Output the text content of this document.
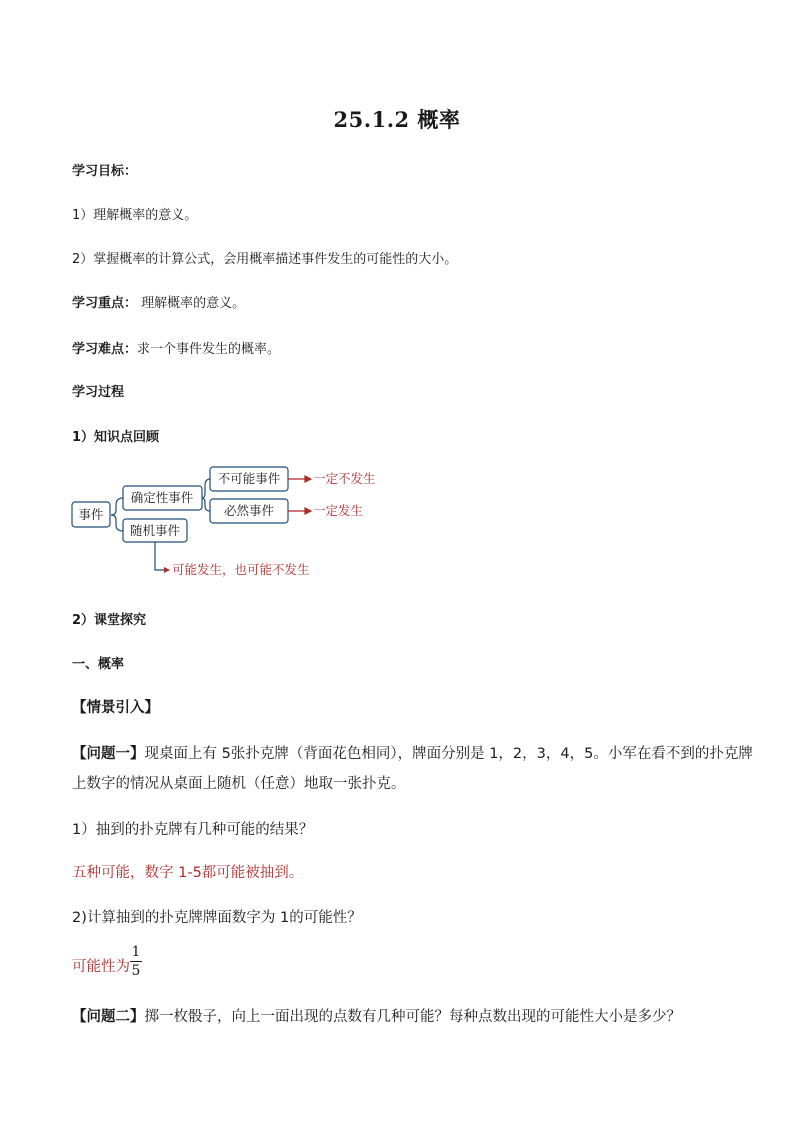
25.1.2 概率
学习目标：
1）理解概率的意义。
2）掌握概率的计算公式，会用概率描述事件发生的可能性的大小。
学习重点： 理解概率的意义。
学习难点：求一个事件发生的概率。
学习过程
1）知识点回顾
事件
确定性事件
随机事件
不可能事件
必然事件
一定不发生
一定发生
可能发生，也可能不发生
2）课堂探究
一、概率
【情景引入】
【问题一】现桌面上有 5张扑克牌（背面花色相同），牌面分别是 1，2，3，4，5。小军在看不到的扑克牌
上数字的情况从桌面上随机（任意）地取一张扑克。
1）抽到的扑克牌有几种可能的结果？
五种可能，数字 1-5都可能被抽到。
2)计算抽到的扑克牌牌面数字为 1的可能性？
可能性为
1
5
【问题二】掷一枚骰子，向上一面出现的点数有几种可能？每种点数出现的可能性大小是多少？
